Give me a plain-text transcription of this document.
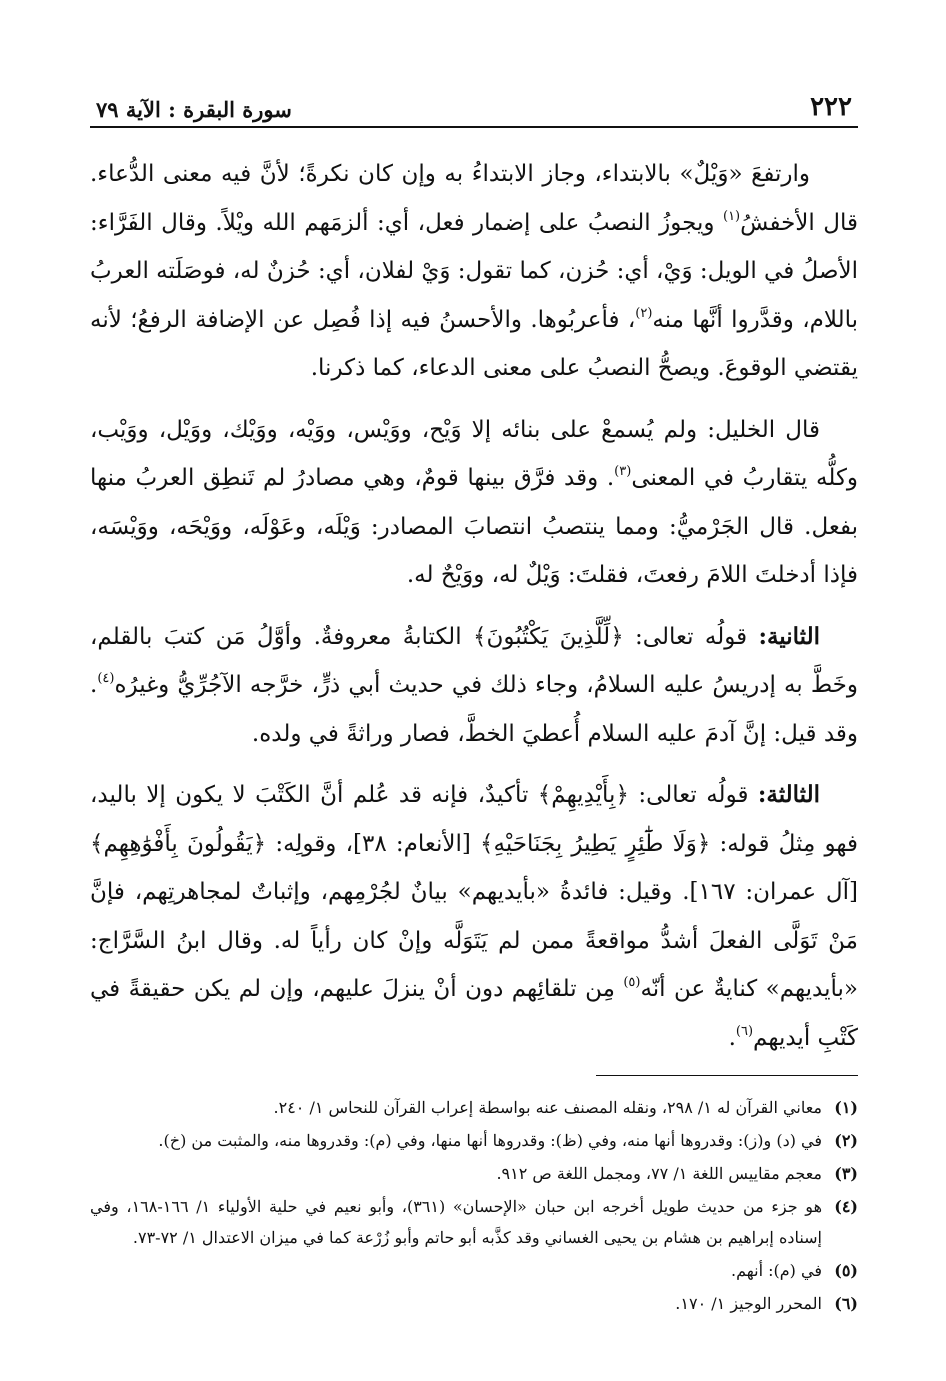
٢٢٢
سورة البقرة : الآية ٧٩

وارتفعَ «وَيْلٌ» بالابتداء، وجاز الابتداءُ به وإن كان نكرةً؛ لأنَّ فيه معنى الدُّعاء. قال الأخفشُ$^{(١)}$ ويجوزُ النصبُ على إضمار فعل، أي: ألزمَهم الله ويْلاً. وقال الفَرَّاء: الأصلُ في الويل: وَيْ، أي: حُزن، كما تقول: وَيْ لفلان، أي: حُزنٌ له، فوصَلَته العربُ باللام، وقدَّروا أنَّها منه$^{(٢)}$، فأعربُوها. والأحسنُ فيه إذا فُصِل عن الإضافة الرفعُ؛ لأنه يقتضي الوقوعَ. ويصحُّ النصبُ على معنى الدعاء، كما ذكرنا.

قال الخليل: ولم يُسمعْ على بنائه إلا وَيْح، ووَيْس، ووَيْه، ووَيْك، ووَيْل، ووَيْب، وكلُّه يتقاربُ في المعنى$^{(٣)}$. وقد فرَّق بينها قومٌ، وهي مصادرُ لم تَنطِق العربُ منها بفعل. قال الجَرْميُّ: ومما ينتصبُ انتصابَ المصادر: وَيْلَه، وعَوْلَه، ووَيْحَه، ووَيْسَه، فإذا أدخلتَ اللامَ رفعتَ، فقلتَ: وَيْلٌ له، ووَيْحٌ له.

الثانية: قولُه تعالى: ﴿لِّلَّذِينَ يَكْتُبُونَ﴾ الكتابةُ معروفةٌ. وأوَّلُ مَن كتبَ بالقلم، وخَطَّ به إدريسُ عليه السلامُ، وجاء ذلك في حديث أبي ذرٍّ، خرَّجه الآجُرِّيُّ وغيرُه$^{(٤)}$. وقد قيل: إنَّ آدمَ عليه السلام أُعطيَ الخطَّ، فصار وراثةً في ولده.

الثالثة: قولُه تعالى: ﴿بِأَيْدِيهِمْ﴾ تأكيدٌ، فإنه قد عُلم أنَّ الكَتْبَ لا يكون إلا باليد، فهو مِثلُ قوله: ﴿وَلَا طَٰٓئِرٍ يَطِيرُ بِجَنَاحَيْهِ﴾ [الأنعام: ٣٨]، وقولِه: ﴿يَقُولُونَ بِأَفْوَٰهِهِم﴾ [آل عمران: ١٦٧]. وقيل: فائدةُ «بأيديهم» بيانٌ لجُرْمِهم، وإثباتٌ لمجاهرتِهم، فإنَّ مَنْ تَوَلَّى الفعلَ أشدُّ مواقعةً ممن لم يَتَوَلَّه وإنْ كان رأياً له. وقال ابنُ السَّرَّاج: «بأيديهم» كنايةٌ عن أنّه$^{(٥)}$ مِن تلقائِهم دون أنْ ينزلَ عليهم، وإن لم يكن حقيقةً في كَتْبِ أيديهم$^{(٦)}$.

(١)
معاني القرآن له ١/ ٢٩٨، ونقله المصنف عنه بواسطة إعراب القرآن للنحاس ١/ ٢٤٠.
(٢)
في (د) و(ز): وقدروها أنها منه، وفي (ظ): وقدروها أنها منها، وفي (م): وقدروها منه، والمثبت من (خ).
(٣)
معجم مقاييس اللغة ١/ ٧٧، ومجمل اللغة ص ٩١٢.
(٤)
هو جزء من حديث طويل أخرجه ابن حبان «الإحسان» (٣٦١)، وأبو نعيم في حلية الأولياء ١/ ١٦٦-١٦٨، وفي إسناده إبراهيم بن هشام بن يحيى الغساني وقد كذَّبه أبو حاتم وأبو زُرْعة كما في ميزان الاعتدال ١/ ٧٢-٧٣.
(٥)
في (م): أنهم.
(٦)
المحرر الوجيز ١/ ١٧٠.
